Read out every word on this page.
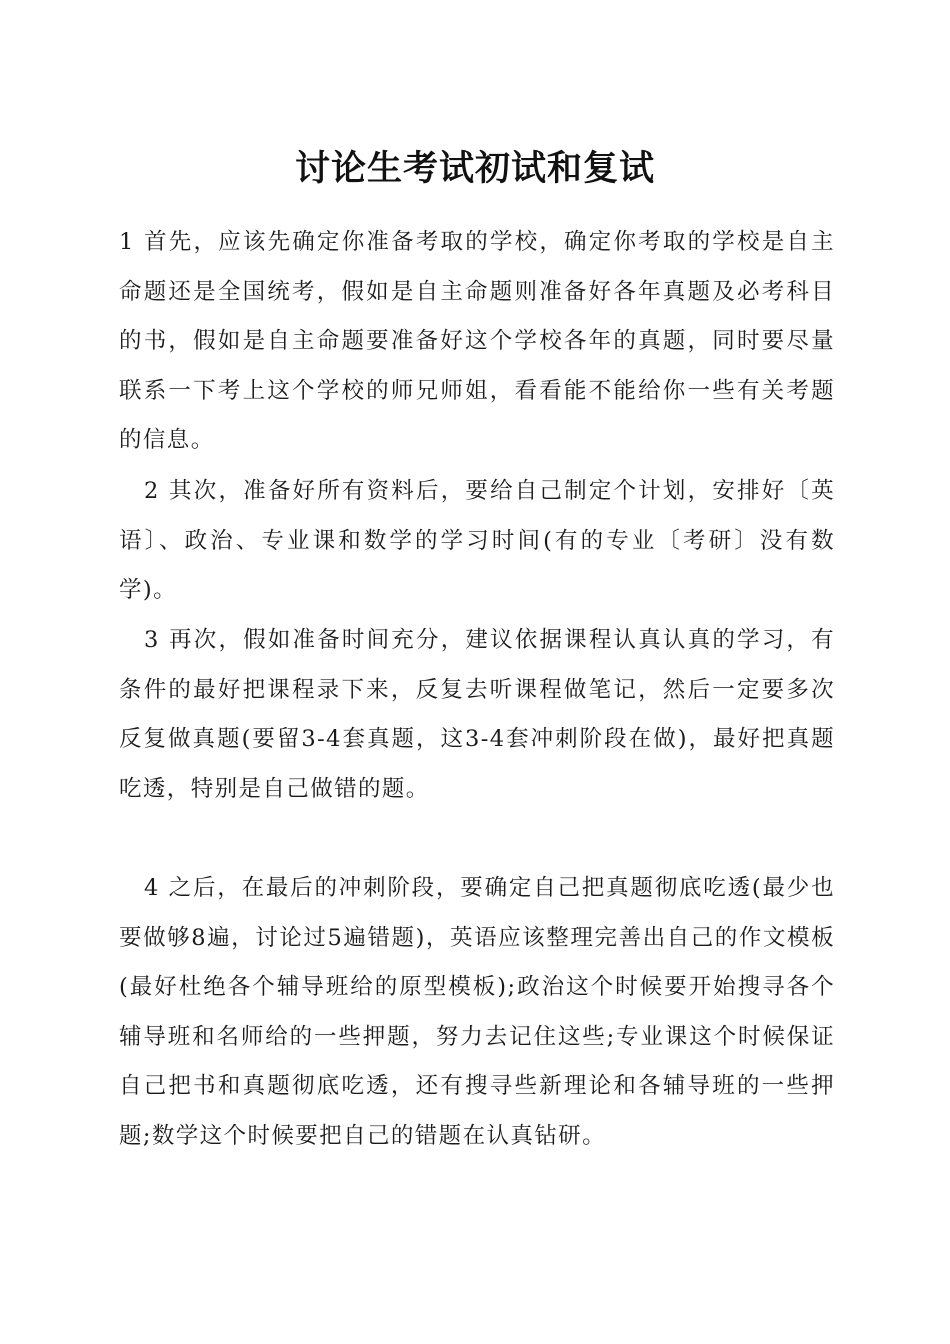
讨论生考试初试和复试

1 首先，应该先确定你准备考取的学校，确定你考取的学校是自主命题还是全国统考，假如是自主命题则准备好各年真题及必考科目的书，假如是自主命题要准备好这个学校各年的真题，同时要尽量联系一下考上这个学校的师兄师姐，看看能不能给你一些有关考题的信息。

2 其次，准备好所有资料后，要给自己制定个计划，安排好〔英语〕、政治、专业课和数学的学习时间(有的专业〔考研〕没有数学)。

3 再次，假如准备时间充分，建议依据课程认真认真的学习，有条件的最好把课程录下来，反复去听课程做笔记，然后一定要多次反复做真题(要留3-4套真题，这3-4套冲刺阶段在做)，最好把真题吃透，特别是自己做错的题。

4 之后，在最后的冲刺阶段，要确定自己把真题彻底吃透(最少也要做够8遍，讨论过5遍错题)，英语应该整理完善出自己的作文模板(最好杜绝各个辅导班给的原型模板);政治这个时候要开始搜寻各个辅导班和名师给的一些押题，努力去记住这些;专业课这个时候保证自己把书和真题彻底吃透，还有搜寻些新理论和各辅导班的一些押题;数学这个时候要把自己的错题在认真钻研。
